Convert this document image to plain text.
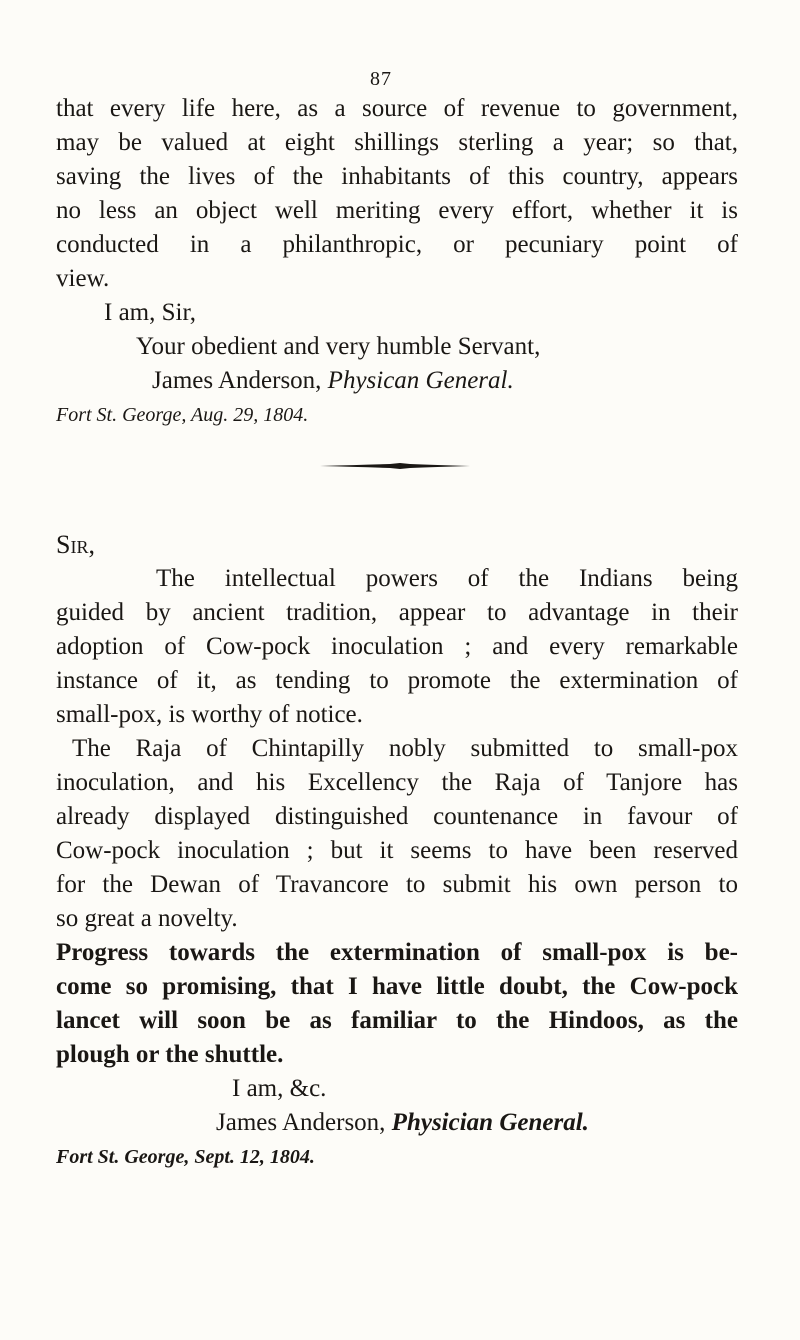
87
that every life here, as a source of revenue to government,
may be valued at eight shillings sterling a year; so that,
saving the lives of the inhabitants of this country, appears
no less an object well meriting every effort, whether it is
conducted in a philanthropic, or pecuniary point of
view.
I am, Sir,
Your obedient and very humble Servant,
James Anderson, Physican General.
Fort St. George, Aug. 29, 1804.
Sir,
The intellectual powers of the Indians being
guided by ancient tradition, appear to advantage in their
adoption of Cow-pock inoculation ; and every remarkable
instance of it, as tending to promote the extermination of
small-pox, is worthy of notice.
The Raja of Chintapilly nobly submitted to small-pox
inoculation, and his Excellency the Raja of Tanjore has
already displayed distinguished countenance in favour of
Cow-pock inoculation ; but it seems to have been reserved
for the Dewan of Travancore to submit his own person to
so great a novelty.
Progress towards the extermination of small-pox is be-
come so promising, that I have little doubt, the Cow-pock
lancet will soon be as familiar to the Hindoos, as the
plough or the shuttle.
I am, &c.
James Anderson, Physician General.
Fort St. George, Sept. 12, 1804.
